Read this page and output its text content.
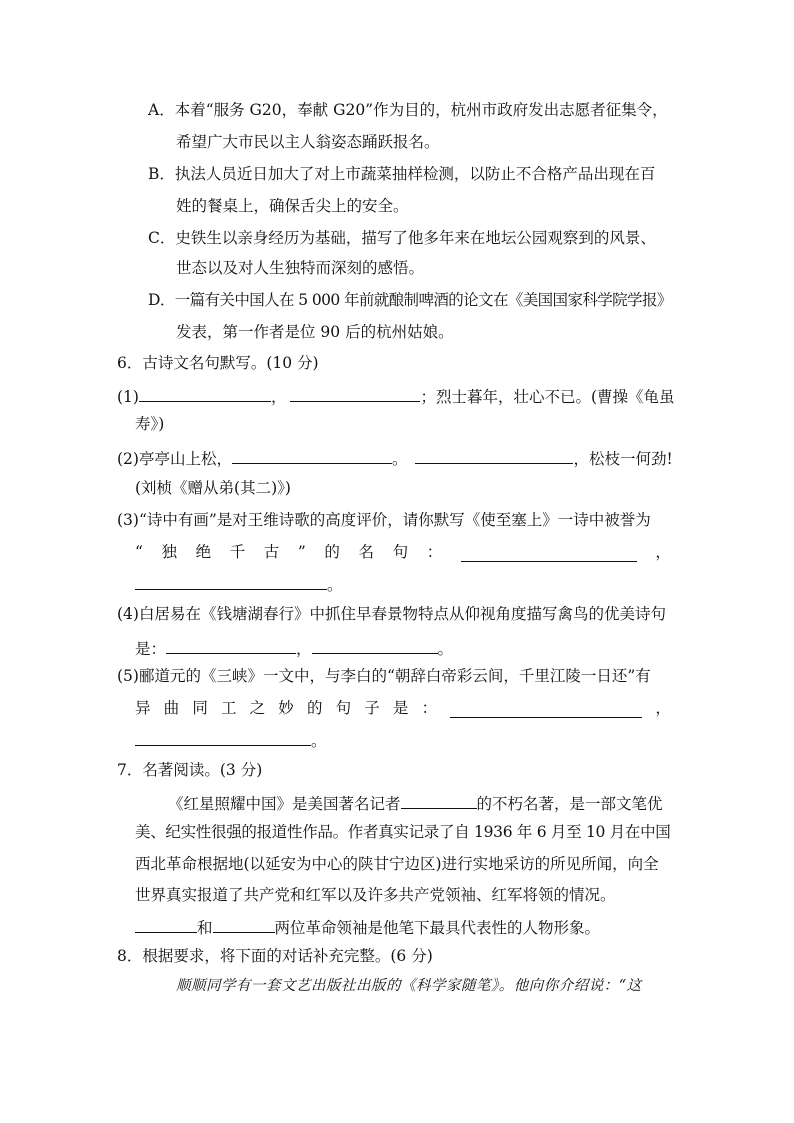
A．本着“服务 G20，奉献 G20”作为目的，杭州市政府发出志愿者征集令，
希望广大市民以主人翁姿态踊跃报名。
B．执法人员近日加大了对上市蔬菜抽样检测，以防止不合格产品出现在百
姓的餐桌上，确保舌尖上的安全。
C．史铁生以亲身经历为基础，描写了他多年来在地坛公园观察到的风景、
世态以及对人生独特而深刻的感悟。
D．一篇有关中国人在 5 000 年前就酿制啤酒的论文在《美国国家科学院学报》
发表，第一作者是位 90 后的杭州姑娘。
6．古诗文名句默写。(10 分)
(1)	，	；烈士暮年，壮心不已。(曹操《龟虽
寿》)
(2)亭亭山上松，	。	，松枝一何劲!
(刘桢《赠从弟(其二)》)
(3)“诗中有画”是对王维诗歌的高度评价，请你默写《使至塞上》一诗中被誉为
“ 独 绝 千 古 ” 的 名 句 ：	，
。
(4)白居易在《钱塘湖春行》中抓住早春景物特点从仰视角度描写禽鸟的优美诗句
是：	，	。
(5)郦道元的《三峡》一文中，与李白的“朝辞白帝彩云间，千里江陵一日还”有
异 曲 同 工 之 妙 的 句 子 是 ：	，
。
7．名著阅读。(3 分)
《红星照耀中国》是美国著名记者	的不朽名著，是一部文笔优
美、纪实性很强的报道性作品。作者真实记录了自 1936 年 6 月至 10 月在中国
西北革命根据地(以延安为中心的陕甘宁边区)进行实地采访的所见所闻，向全
世界真实报道了共产党和红军以及许多共产党领袖、红军将领的情况。
和	两位革命领袖是他笔下最具代表性的人物形象。
8．根据要求，将下面的对话补充完整。(6 分)
顺顺同学有一套文艺出版社出版的《科学家随笔》。他向你介绍说：“这
